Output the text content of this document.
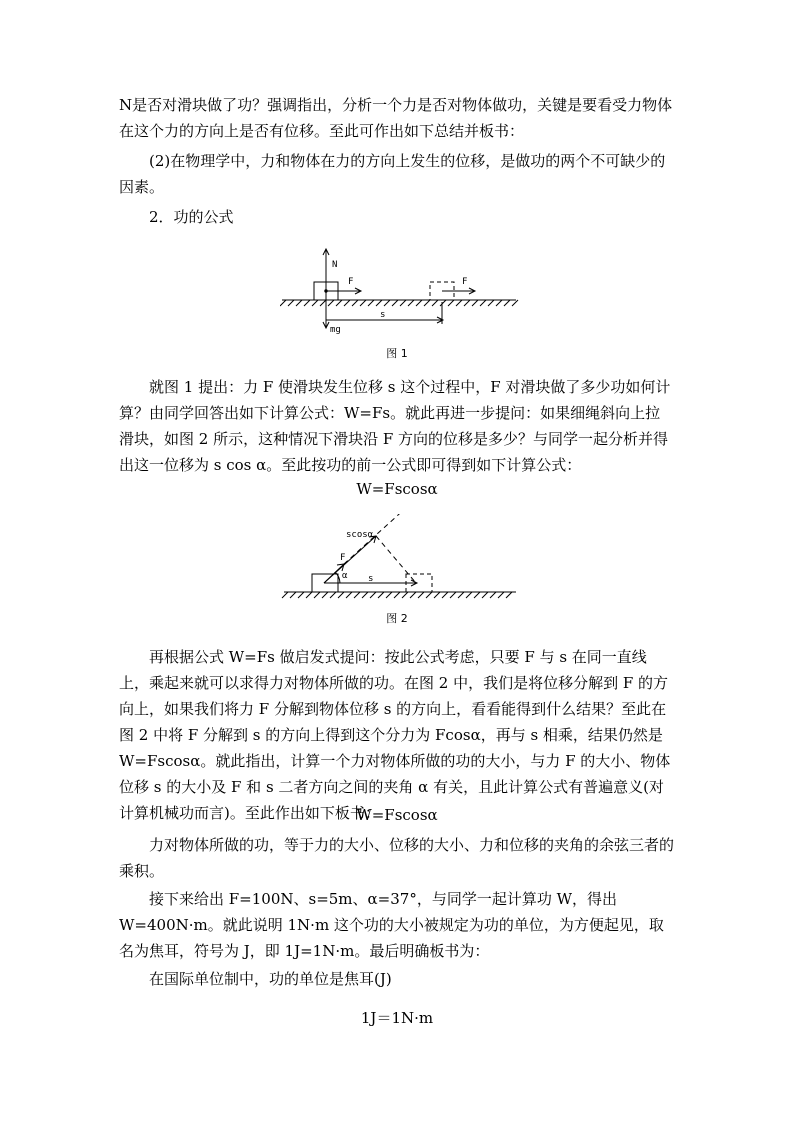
N是否对滑块做了功？强调指出，分析一个力是否对物体做功，关键是要看受力物体在这个力的方向上是否有位移。至此可作出如下总结并板书：

(2)在物理学中，力和物体在力的方向上发生的位移，是做功的两个不可缺少的因素。

2．功的公式

N
F	F
mg
s
图 1

就图 1 提出：力 F 使滑块发生位移 s 这个过程中，F 对滑块做了多少功如何计算？由同学回答出如下计算公式：W=Fs。就此再进一步提问：如果细绳斜向上拉滑块，如图 2 所示，这种情况下滑块沿 F 方向的位移是多少？与同学一起分析并得出这一位移为 s cos α。至此按功的前一公式即可得到如下计算公式：

W=Fscosα

scosα
F
α s
图 2

再根据公式 W=Fs 做启发式提问：按此公式考虑，只要 F 与 s 在同一直线上，乘起来就可以求得力对物体所做的功。在图 2 中，我们是将位移分解到 F 的方向上，如果我们将力 F 分解到物体位移 s 的方向上，看看能得到什么结果？至此在图 2 中将 F 分解到 s 的方向上得到这个分力为 Fcosα，再与 s 相乘，结果仍然是 W=Fscosα。就此指出，计算一个力对物体所做的功的大小，与力 F 的大小、物体位移 s 的大小及 F 和 s 二者方向之间的夹角 α 有关，且此计算公式有普遍意义(对计算机械功而言)。至此作出如下板书：

W=Fscosα

力对物体所做的功，等于力的大小、位移的大小、力和位移的夹角的余弦三者的乘积。

接下来给出 F=100N、s=5m、α=37°，与同学一起计算功 W，得出 W=400N·m。就此说明 1N·m 这个功的大小被规定为功的单位，为方便起见，取名为焦耳，符号为 J，即 1J=1N·m。最后明确板书为：

在国际单位制中，功的单位是焦耳(J)

1J＝1N·m
